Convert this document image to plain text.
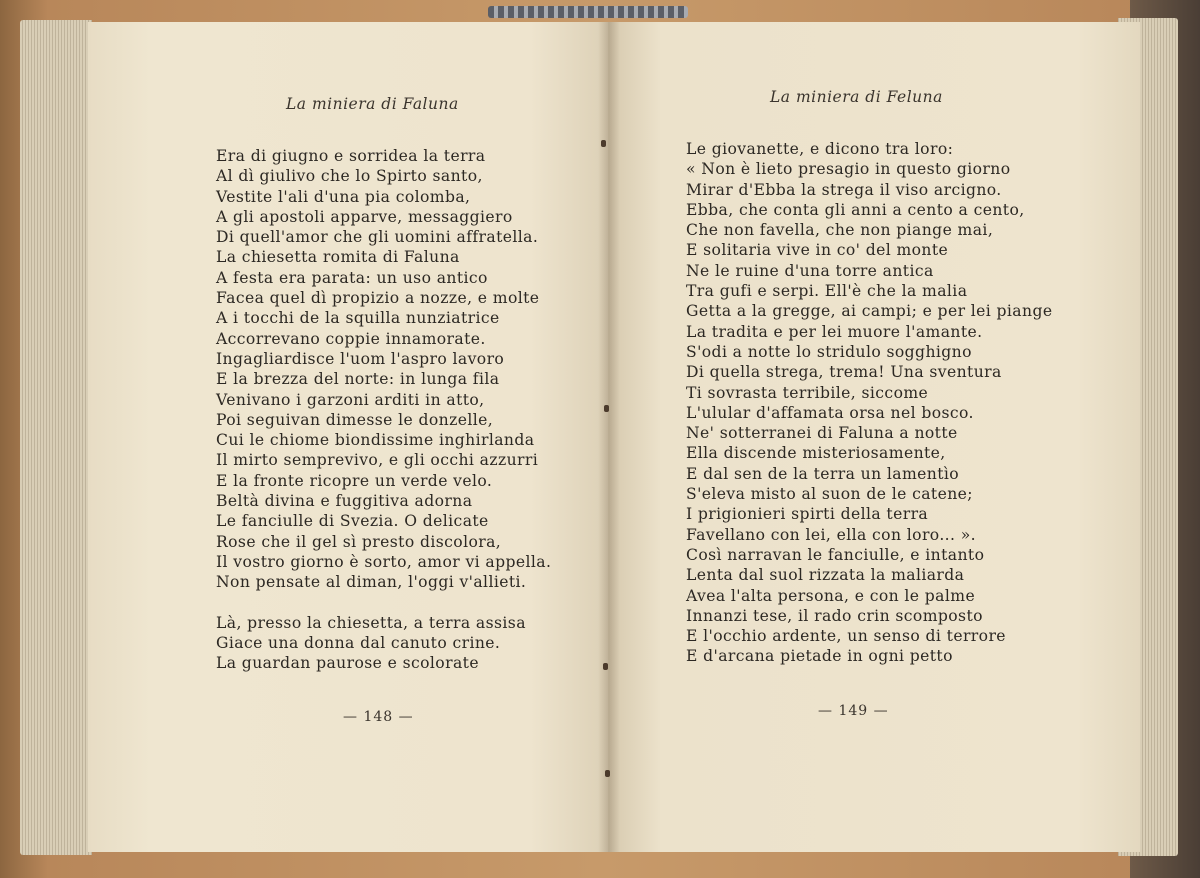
La miniera di Faluna
Era di giugno e sorridea la terra
Al dì giulivo che lo Spirto santo,
Vestite l'ali d'una pia colomba,
A gli apostoli apparve, messaggiero
Di quell'amor che gli uomini affratella.
La chiesetta romita di Faluna
A festa era parata: un uso antico
Facea quel dì propizio a nozze, e molte
A i tocchi de la squilla nunziatrice
Accorrevano coppie innamorate.
Ingagliardisce l'uom l'aspro lavoro
E la brezza del norte: in lunga fila
Venivano i garzoni arditi in atto,
Poi seguivan dimesse le donzelle,
Cui le chiome biondissime inghirlanda
Il mirto semprevivo, e gli occhi azzurri
E la fronte ricopre un verde velo.
Beltà divina e fuggitiva adorna
Le fanciulle di Svezia. O delicate
Rose che il gel sì presto discolora,
Il vostro giorno è sorto, amor vi appella.
Non pensate al diman, l'oggi v'allieti.
Là, presso la chiesetta, a terra assisa
Giace una donna dal canuto crine.
La guardan paurose e scolorate
— 148 —
La miniera di Feluna
Le giovanette, e dicono tra loro:
« Non è lieto presagio in questo giorno
Mirar d'Ebba la strega il viso arcigno.
Ebba, che conta gli anni a cento a cento,
Che non favella, che non piange mai,
E solitaria vive in co' del monte
Ne le ruine d'una torre antica
Tra gufi e serpi. Ell'è che la malia
Getta a la gregge, ai campi; e per lei piange
La tradita e per lei muore l'amante.
S'odi a notte lo stridulo sogghigno
Di quella strega, trema! Una sventura
Ti sovrasta terribile, siccome
L'ulular d'affamata orsa nel bosco.
Ne' sotterranei di Faluna a notte
Ella discende misteriosamente,
E dal sen de la terra un lamentìo
S'eleva misto al suon de le catene;
I prigionieri spirti della terra
Favellano con lei, ella con loro... ».
Così narravan le fanciulle, e intanto
Lenta dal suol rizzata la maliarda
Avea l'alta persona, e con le palme
Innanzi tese, il rado crin scomposto
E l'occhio ardente, un senso di terrore
E d'arcana pietade in ogni petto
— 149 —
